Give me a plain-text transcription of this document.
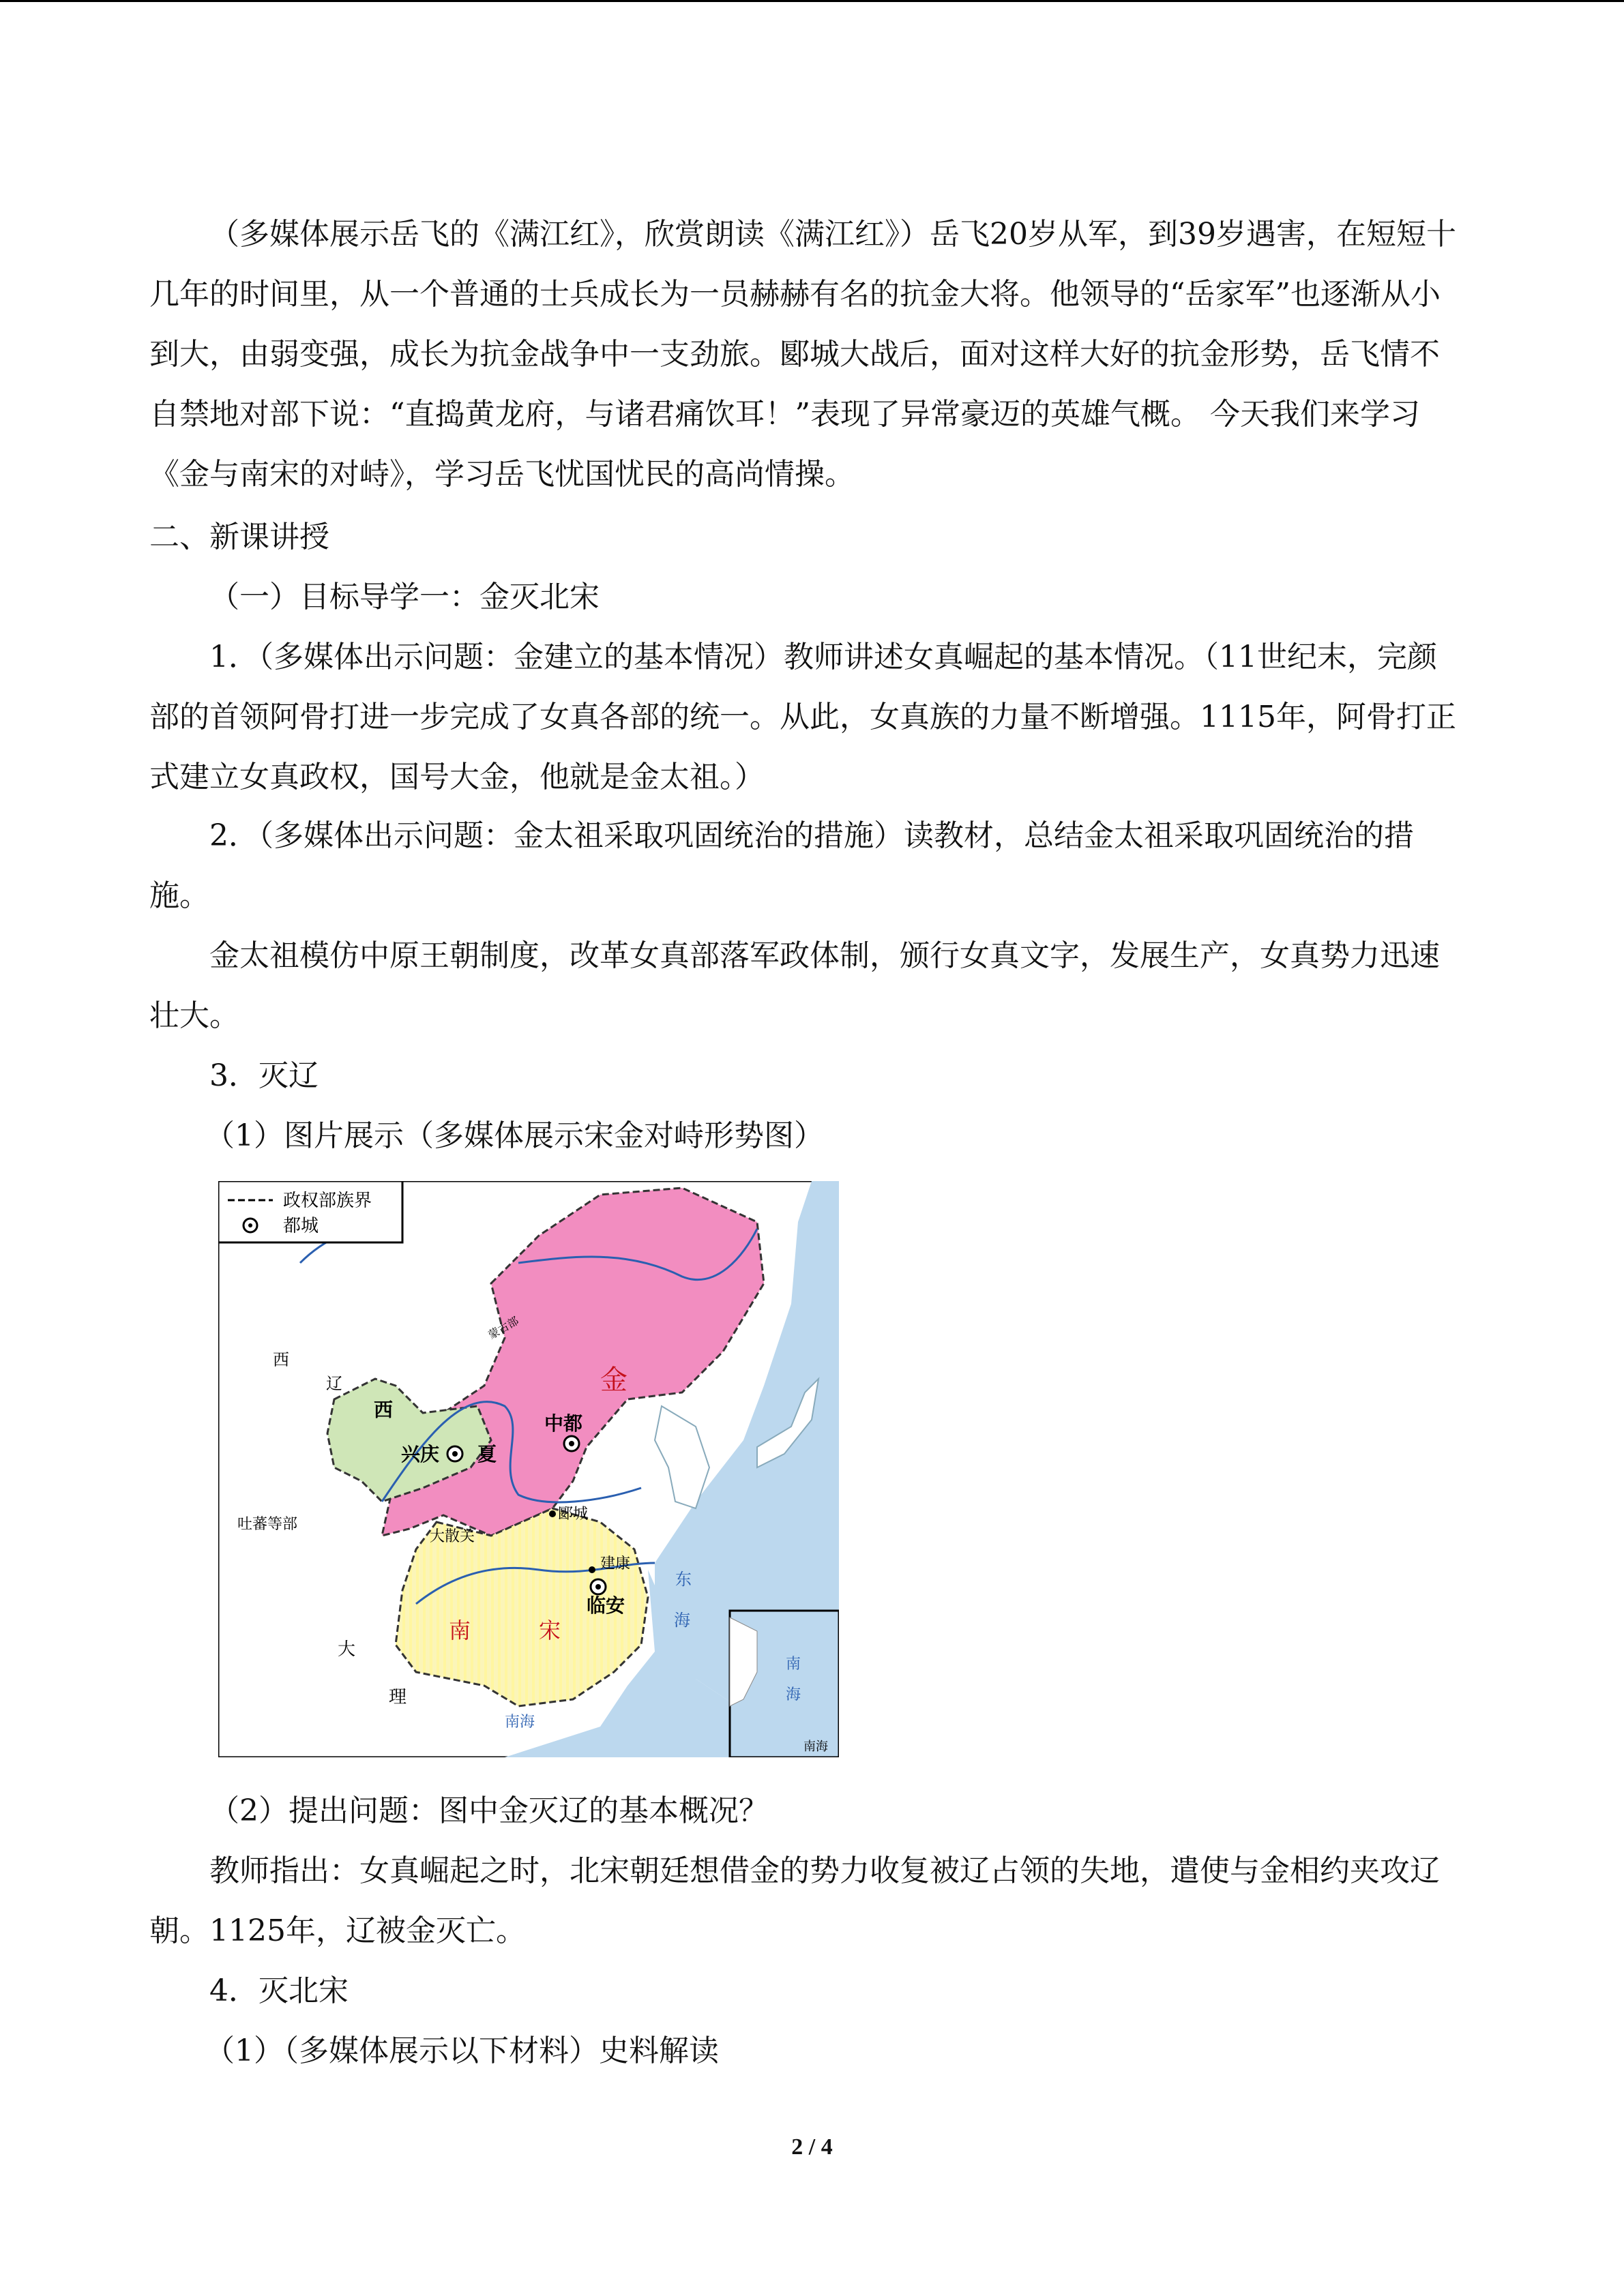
（多媒体展示岳飞的《满江红》，欣赏朗读《满江红》）岳飞20岁从军，到39岁遇害，在短短十几年的时间里，从一个普通的士兵成长为一员赫赫有名的抗金大将。他领导的“岳家军”也逐渐从小到大，由弱变强，成长为抗金战争中一支劲旅。郾城大战后，面对这样大好的抗金形势，岳飞情不自禁地对部下说：“直捣黄龙府，与诸君痛饮耳！”表现了异常豪迈的英雄气概。 今天我们来学习《金与南宋的对峙》，学习岳飞忧国忧民的高尚情操。

二、新课讲授

（一）目标导学一：金灭北宋

1．（多媒体出示问题：金建立的基本情况）教师讲述女真崛起的基本情况。（11世纪末，完颜部的首领阿骨打进一步完成了女真各部的统一。从此，女真族的力量不断增强。1115年，阿骨打正式建立女真政权，国号大金，他就是金太祖。）

2．（多媒体出示问题：金太祖采取巩固统治的措施）读教材，总结金太祖采取巩固统治的措施。

金太祖模仿中原王朝制度，改革女真部落军政体制，颁行女真文字，发展生产，女真势力迅速壮大。

3．灭辽

（1）图片展示（多媒体展示宋金对峙形势图）

政权部族界
都城
金
中都
西
夏
兴庆
西
辽
吐蕃等部
蒙古部
郾城
大散关
建康
临安
南	宋
大
理
东
海
南海
南
海
南海

（2）提出问题：图中金灭辽的基本概况？

教师指出：女真崛起之时，北宋朝廷想借金的势力收复被辽占领的失地，遣使与金相约夹攻辽朝。1125年，辽被金灭亡。

4．灭北宋

（1）（多媒体展示以下材料）史料解读

2 / 4
